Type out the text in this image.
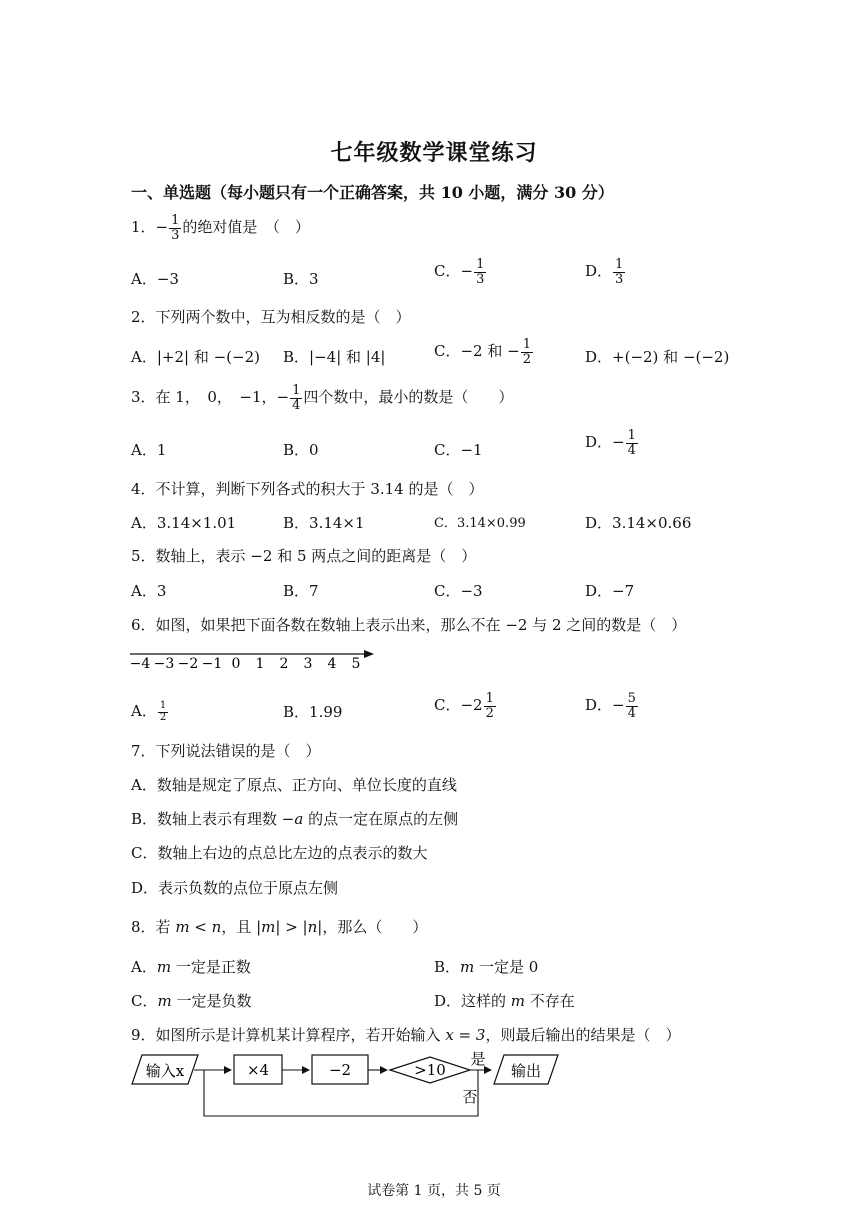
七年级数学课堂练习
一、单选题（每小题只有一个正确答案，共 10 小题，满分 30 分）
1．− $\frac{1}{3}$ 的绝对值是　（　）
A．−3	B．3	C．− $\frac{1}{3}$	D． $\frac{1}{3}$
2．下列两个数中，互为相反数的是（　）
A．|+2| 和 −(−2) B．|−4| 和 |4|	C．−2 和 − $\frac{1}{2}$	D．+(−2) 和 −(−2)
3．在 1，　0，　−1，− $\frac{1}{4}$ 四个数中，最小的数是（　　）
A．1	B．0	C．−1	D．− $\frac{1}{4}$
4．不计算，判断下列各式的积大于 3.14 的是（　）
A．3.14×1.01	B．3.14×1	C．3.14×0.99	D．3.14×0.66
5．数轴上，表示 −2 和 5 两点之间的距离是（　）
A．3	B．7	C．−3	D．−7
6．如图，如果把下面各数在数轴上表示出来，那么不在 −2 与 2 之间的数是（　）
−4 −3 −2 −1 0 1 2 3 4 5
A． $\frac{1}{2}$	B．1.99	C．$-2 \frac{1}{2}$	D．− $\frac{5}{4}$
7．下列说法错误的是（　）
A．数轴是规定了原点、正方向、单位长度的直线
B．数轴上表示有理数 −a 的点一定在原点的左侧
C．数轴上右边的点总比左边的点表示的数大
D．表示负数的点位于原点左侧
8．若 m < n，且 |m| > |n|，那么（　　）
A．m 一定是正数	B．m 一定是 0
C．m 一定是负数	D．这样的 m 不存在
9．如图所示是计算机某计算程序，若开始输入 x = 3，则最后输出的结果是（　）
输入x	×4	−2	>10
是
输出
否
试卷第 1 页，共 5 页
